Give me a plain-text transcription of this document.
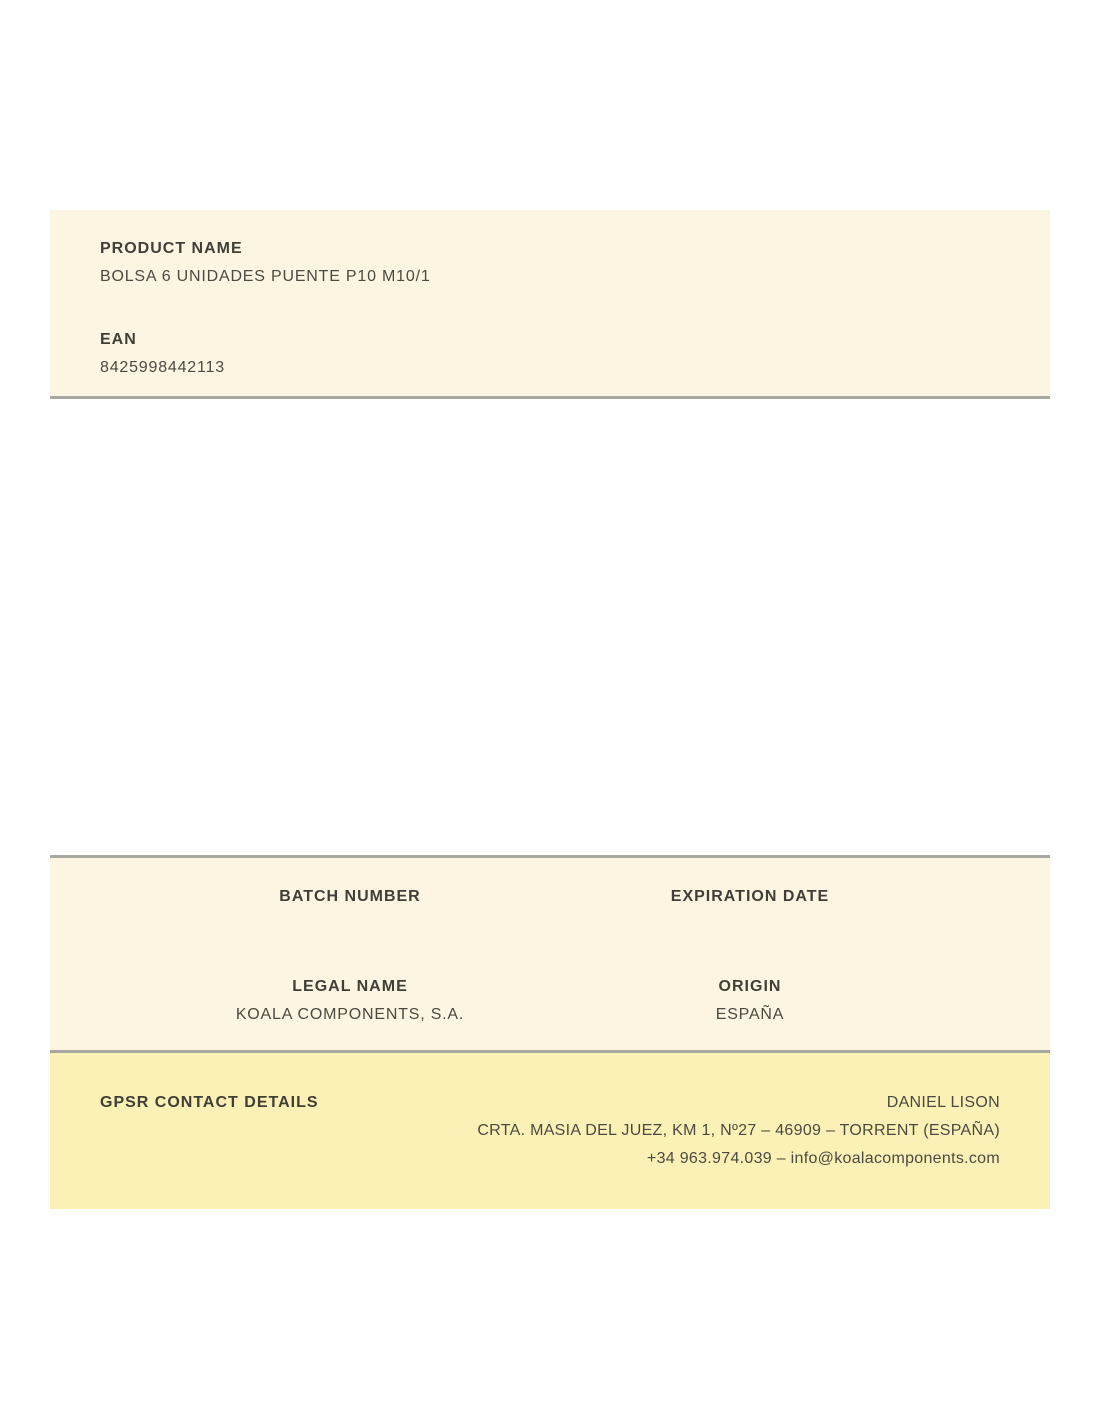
PRODUCT NAME
BOLSA 6 UNIDADES PUENTE P10 M10/1
EAN
8425998442113
BATCH NUMBER	EXPIRATION DATE
LEGAL NAME
KOALA COMPONENTS, S.A.
ORIGIN
ESPAÑA
GPSR CONTACT DETAILS	DANIEL LISON
CRTA. MASIA DEL JUEZ, KM 1, Nº27 – 46909 – TORRENT (ESPAÑA)
+34 963.974.039 – info@koalacomponents.com
